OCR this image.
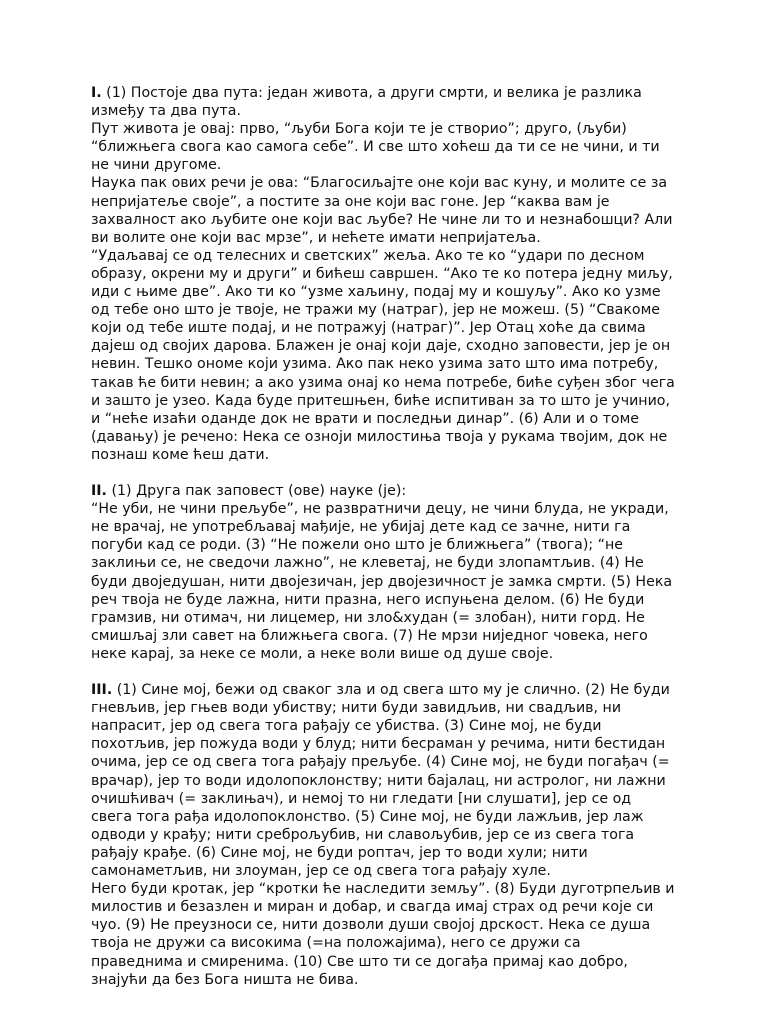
I. (1) Постоје два пута: један живота, а други смрти, и велика је разлика
између та два пута.
Пут живота је овај: прво, “љуби Бога који те је створио”; друго, (љуби)
“ближњега свога као самога себе”. И све што хоћеш да ти се не чини, и ти
не чини другоме.
Наука пак ових речи је ова: “Благосиљајте оне који вас куну, и молите се за
непријатеље своје”, а постите за оне који вас гоне. Јер “каква вам је
захвалност ако љубите оне који вас љубе? Не чине ли то и незнабошци? Али
ви волите оне који вас мрзе”, и нећете имати непријатеља.
“Удаљавај се од телесних и светских” жеља. Ако те ко “удари по десном
образу, окрени му и други” и бићеш савршен. “Ако те ко потера једну миљу,
иди с њиме две”. Ако ти ко “узме хаљину, подај му и кошуљу”. Ако ко узме
од тебе оно што је твоје, не тражи му (натраг), јер не можеш. (5) “Свакоме
који од тебе иште подај, и не потражуј (натраг)”. Јер Отац хоће да свима
дајеш од својих дарова. Блажен је онај који даје, сходно заповести, јер је он
невин. Тешко ономе који узима. Ако пак неко узима зато што има потребу,
такав ће бити невин; а ако узима онај ко нема потребе, биће суђен због чега
и зашто је узео. Када буде притешњен, биће испитиван за то што је учинио,
и “неће изаћи оданде док не врати и последњи динар”. (6) Али и о томе
(давању) је речено: Нека се озноји милостиња твоја у рукама твојим, док не
познаш коме ћеш дати.
II. (1) Друга пак заповест (ове) науке (је):
“Не уби, не чини прељубе”, не развратничи децу, не чини блуда, не укради,
не врачај, не употребљавај мађије, не убијај дете кад се зачне, нити га
погуби кад се роди. (3) “Не пожели оно што је ближњега” (твога); “не
заклињи се, не сведочи лажно”, не клеветај, не буди злопамтљив. (4) Не
буди двоједушан, нити двојезичан, јер двојезичност је замка смрти. (5) Нека
реч твоја не буде лажна, нити празна, него испуњена делом. (6) Не буди
грамзив, ни отимач, ни лицемер, ни зло&худан (= злобан), нити горд. Не
смишљај зли савет на ближњега свога. (7) Не мрзи ниједног човека, него
неке карај, за неке се моли, а неке воли више од душе своје.
III. (1) Сине мој, бежи од сваког зла и од свега што му је слично. (2) Не буди
гневљив, јер гњев води убиству; нити буди завидљив, ни свадљив, ни
напрасит, јер од свега тога рађају се убиства. (3) Сине мој, не буди
похотљив, јер пожуда води у блуд; нити бесраман у речима, нити бестидан
очима, јер се од свега тога рађају прељубе. (4) Сине мој, не буди погађач (=
врачар), јер то води идолопоклонству; нити бајалац, ни астролог, ни лажни
очишћивач (= заклињач), и немој то ни гледати [ни слушати], јер се од
свега тога рађа идолопоклонство. (5) Сине мој, не буди лажљив, јер лаж
одводи у крађу; нити среброљубив, ни славољубив, јер се из свега тога
рађају крађе. (6) Сине мој, не буди роптач, јер то води хули; нити
самонаметљив, ни злоуман, јер се од свега тога рађају хуле.
Него буди кротак, јер “кротки ће наследити земљу”. (8) Буди дуготрпељив и
милостив и безазлен и миран и добар, и свагда имај страх од речи које си
чуо. (9) Не преузноси се, нити дозволи души својој дрскост. Нека се душа
твоја не дружи са високима (=на положајима), него се дружи са
праведнима и смиренима. (10) Све што ти се догађа примај као добро,
знајући да без Бога ништа не бива.
